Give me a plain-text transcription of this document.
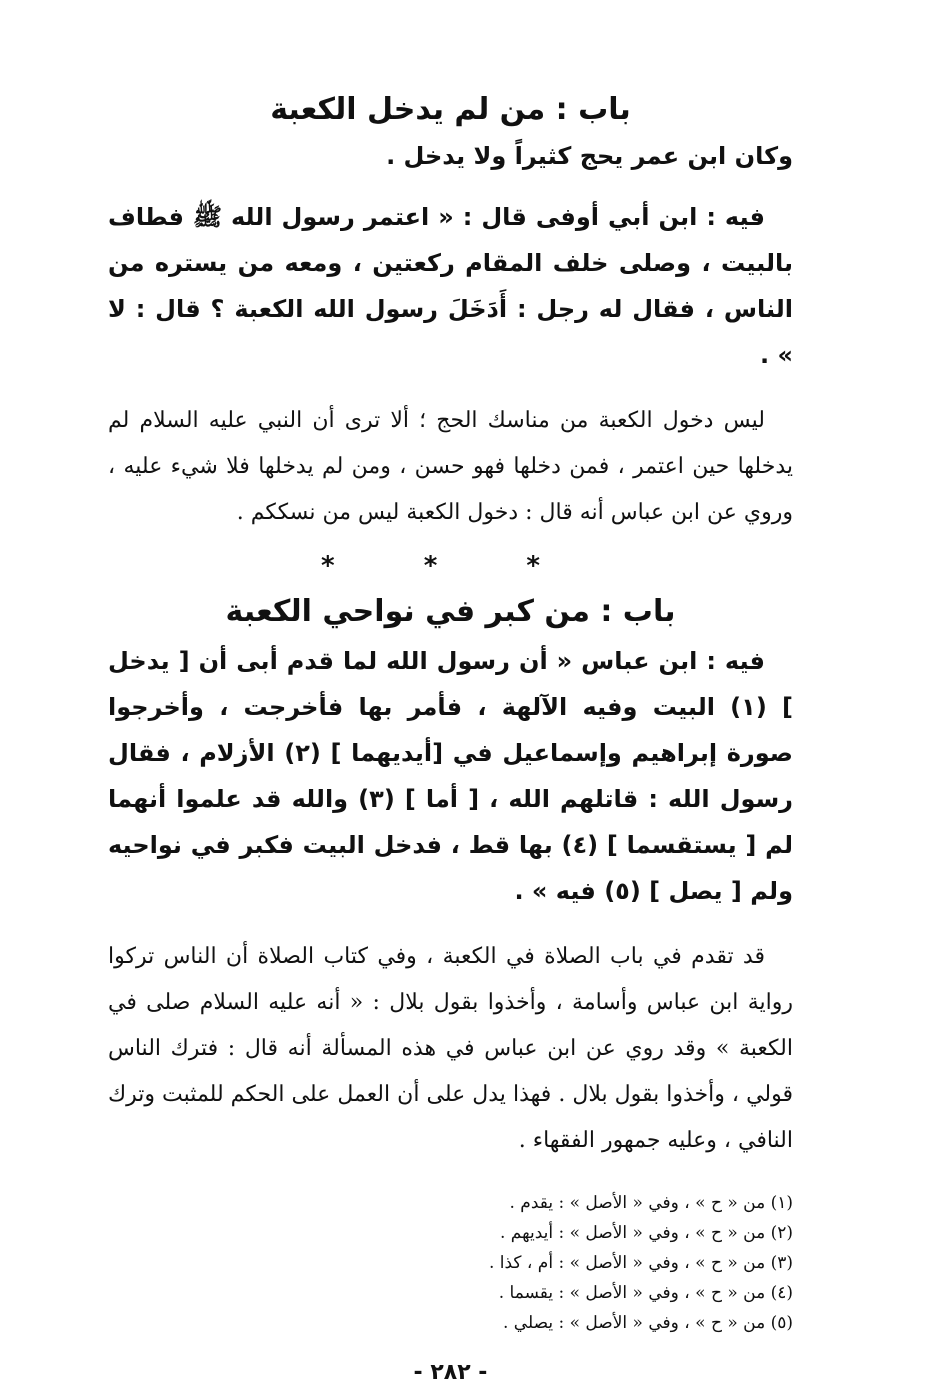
باب : من لم يدخل الكعبة

وكان ابن عمر يحج كثيراً ولا يدخل .

فيه : ابن أبي أوفى قال : « اعتمر رسول الله ﷺ فطاف بالبيت ، وصلى خلف المقام ركعتين ، ومعه من يستره من الناس ، فقال له رجل : أَدَخَلَ رسول الله الكعبة ؟ قال : لا » .

ليس دخول الكعبة من مناسك الحج ؛ ألا ترى أن النبي عليه السلام لم يدخلها حين اعتمر ، فمن دخلها فهو حسن ، ومن لم يدخلها فلا شيء عليه ، وروي عن ابن عباس أنه قال : دخول الكعبة ليس من نسككم .

* * *
باب : من كبر في نواحي الكعبة

فيه : ابن عباس « أن رسول الله لما قدم أبى أن [ يدخل ] (١) البيت وفيه الآلهة ، فأمر بها فأخرجت ، وأخرجوا صورة إبراهيم وإسماعيل في [أيديهما ] (٢) الأزلام ، فقال رسول الله : قاتلهم الله ، [ أما ] (٣) والله قد علموا أنهما لم [ يستقسما ] (٤) بها قط ، فدخل البيت فكبر في نواحيه ولم [ يصل ] (٥) فيه » .

قد تقدم في باب الصلاة في الكعبة ، وفي كتاب الصلاة أن الناس تركوا رواية ابن عباس وأسامة ، وأخذوا بقول بلال : « أنه عليه السلام صلى في الكعبة » وقد روي عن ابن عباس في هذه المسألة أنه قال : فترك الناس قولي ، وأخذوا بقول بلال . فهذا يدل على أن العمل على الحكم للمثبت وترك النافي ، وعليه جمهور الفقهاء .

(١) من « ح » ، وفي « الأصل » : يقدم .
(٢) من « ح » ، وفي « الأصل » : أيديهم .
(٣) من « ح » ، وفي « الأصل » : أم ، كذا .
(٤) من « ح » ، وفي « الأصل » : يقسما .
(٥) من « ح » ، وفي « الأصل » : يصلي .
- ٢٨٢ -
